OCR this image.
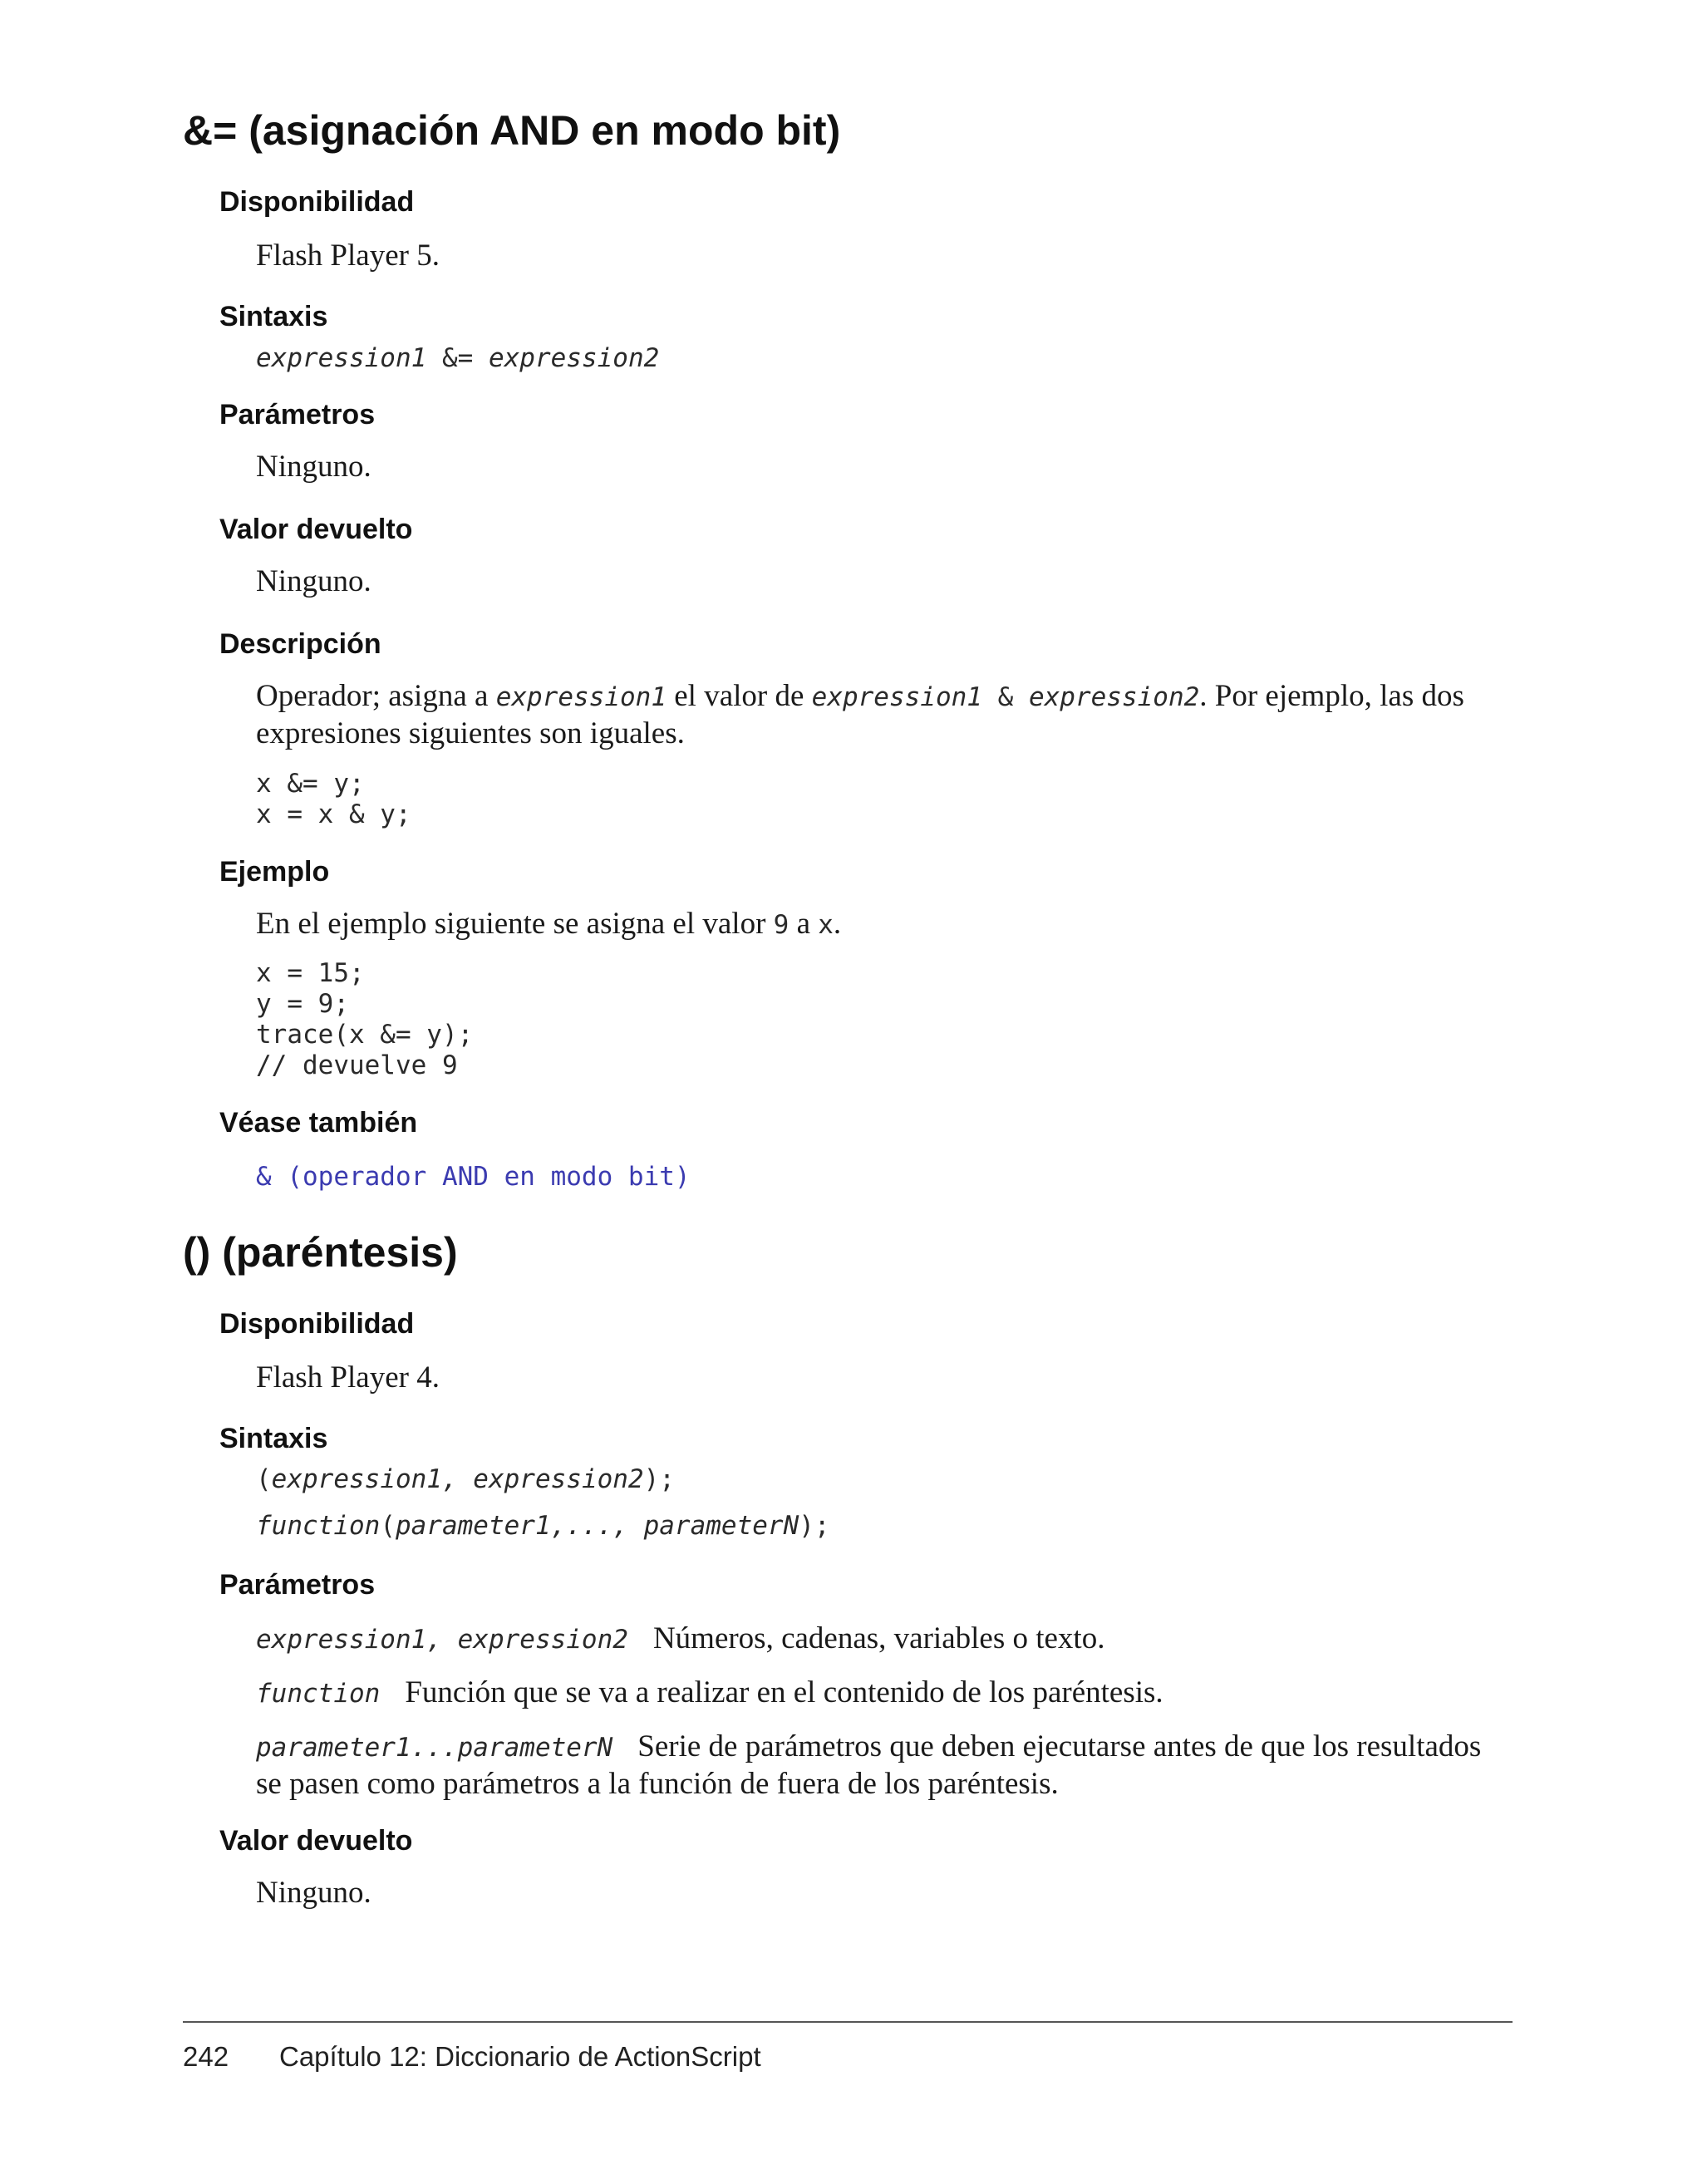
&= (asignación AND en modo bit)
Disponibilidad

Flash Player 5.

Sintaxis

expression1 &= expression2

Parámetros

Ninguno.

Valor devuelto

Ninguno.

Descripción

Operador; asigna a expression1 el valor de expression1 & expression2. Por ejemplo, las dos expresiones siguientes son iguales.

x &= y;
x = x & y;
Ejemplo

En el ejemplo siguiente se asigna el valor 9 a x.

x = 15;
y = 9;
trace(x &= y);
// devuelve 9
Véase también

& (operador AND en modo bit)

() (paréntesis)
Disponibilidad

Flash Player 4.

Sintaxis

(expression1, expression2);

function(parameter1,..., parameterN);

Parámetros

expression1, expression2 Números, cadenas, variables o texto.

function Función que se va a realizar en el contenido de los paréntesis.

parameter1...parameterN Serie de parámetros que deben ejecutarse antes de que los resultados se pasen como parámetros a la función de fuera de los paréntesis.

Valor devuelto

Ninguno.

242 Capítulo 12: Diccionario de ActionScript
